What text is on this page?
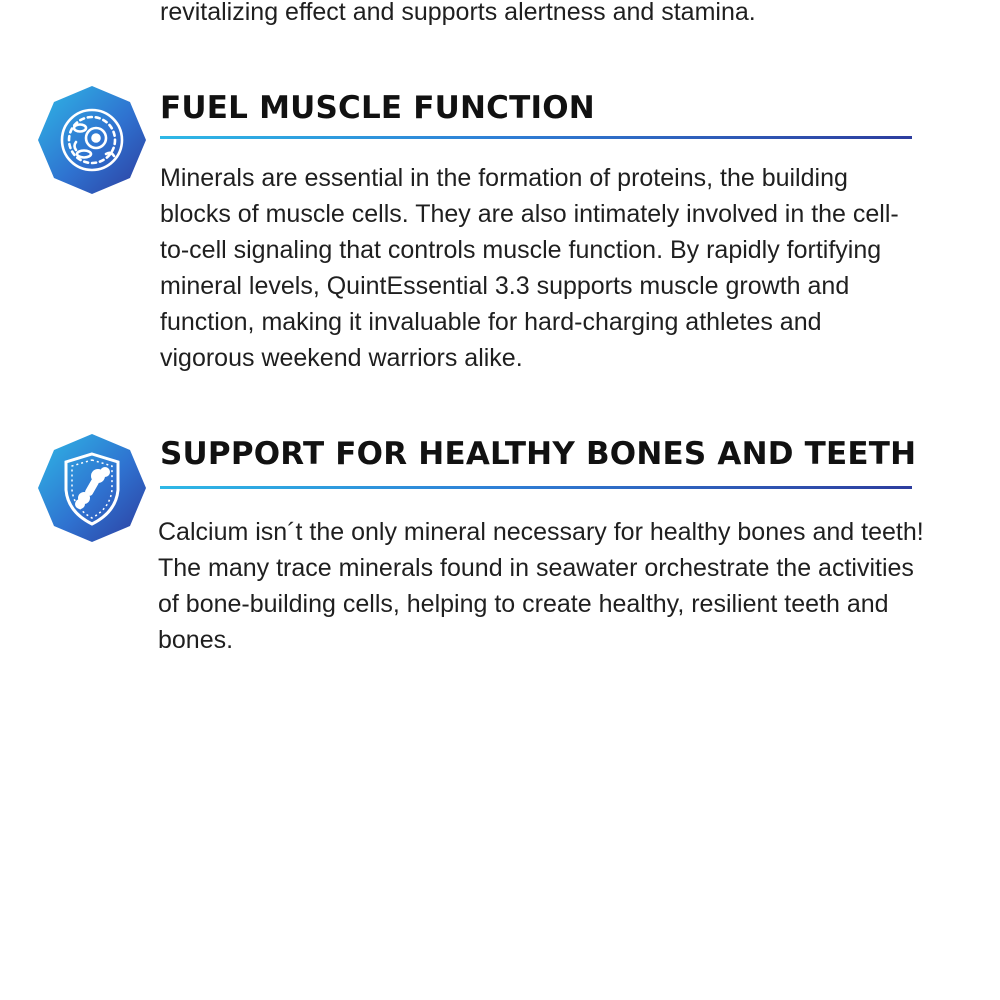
revitalizing effect and supports alertness and stamina.

FUEL MUSCLE FUNCTION

Minerals are essential in the formation of proteins, the building blocks of muscle cells. They are also intimately involved in the cell-to-cell signaling that controls muscle function. By rapidly fortifying mineral levels, QuintEssential 3.3 supports muscle growth and function, making it invaluable for hard-charging athletes and vigorous weekend warriors alike.

SUPPORT FOR HEALTHY BONES AND TEETH

Calcium isn´t the only mineral necessary for healthy bones and teeth! The many trace minerals found in seawater orchestrate the activities of bone-building cells, helping to create healthy, resilient teeth and bones.
